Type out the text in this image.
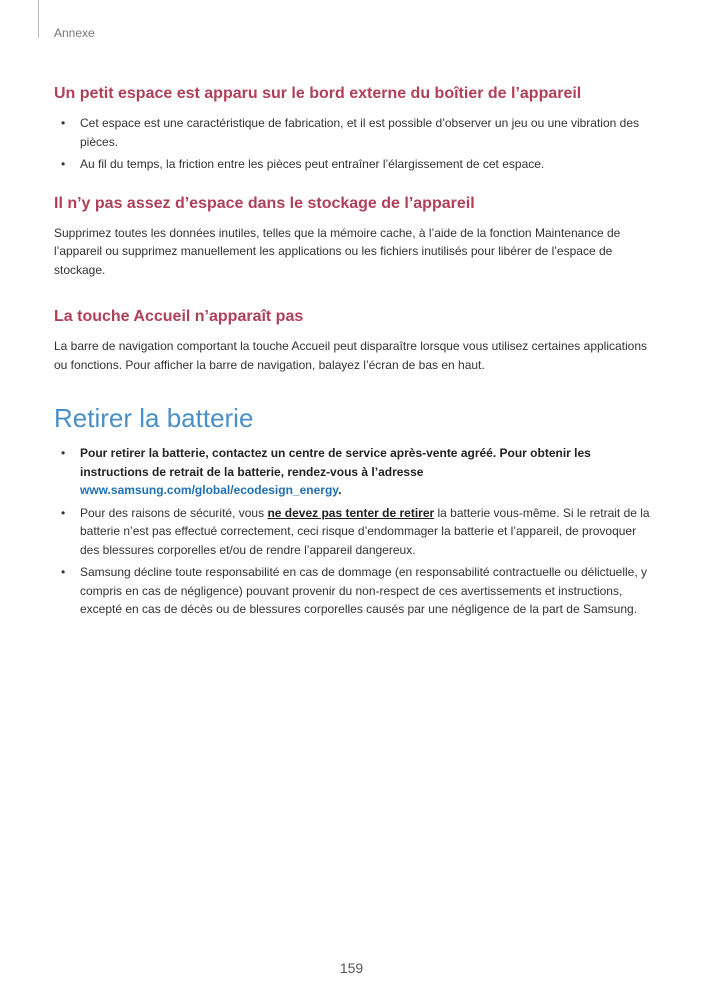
Annexe
Un petit espace est apparu sur le bord externe du boîtier de l’appareil
• Cet espace est une caractéristique de fabrication, et il est possible d’observer un jeu ou une vibration des pièces.
• Au fil du temps, la friction entre les pièces peut entraîner l’élargissement de cet espace.
Il n’y pas assez d’espace dans le stockage de l’appareil

Supprimez toutes les données inutiles, telles que la mémoire cache, à l’aide de la fonction Maintenance de l’appareil ou supprimez manuellement les applications ou les fichiers inutilisés pour libérer de l’espace de stockage.

La touche Accueil n’apparaît pas

La barre de navigation comportant la touche Accueil peut disparaître lorsque vous utilisez certaines applications ou fonctions. Pour afficher la barre de navigation, balayez l’écran de bas en haut.

Retirer la batterie
• Pour retirer la batterie, contactez un centre de service après-vente agréé. Pour obtenir les instructions de retrait de la batterie, rendez-vous à l’adresse www.samsung.com/global/ecodesign_energy.
• Pour des raisons de sécurité, vous ne devez pas tenter de retirer la batterie vous-même. Si le retrait de la batterie n’est pas effectué correctement, ceci risque d’endommager la batterie et l’appareil, de provoquer des blessures corporelles et/ou de rendre l’appareil dangereux.
• Samsung décline toute responsabilité en cas de dommage (en responsabilité contractuelle ou délictuelle, y compris en cas de négligence) pouvant provenir du non-respect de ces avertissements et instructions, excepté en cas de décès ou de blessures corporelles causés par une négligence de la part de Samsung.
159
